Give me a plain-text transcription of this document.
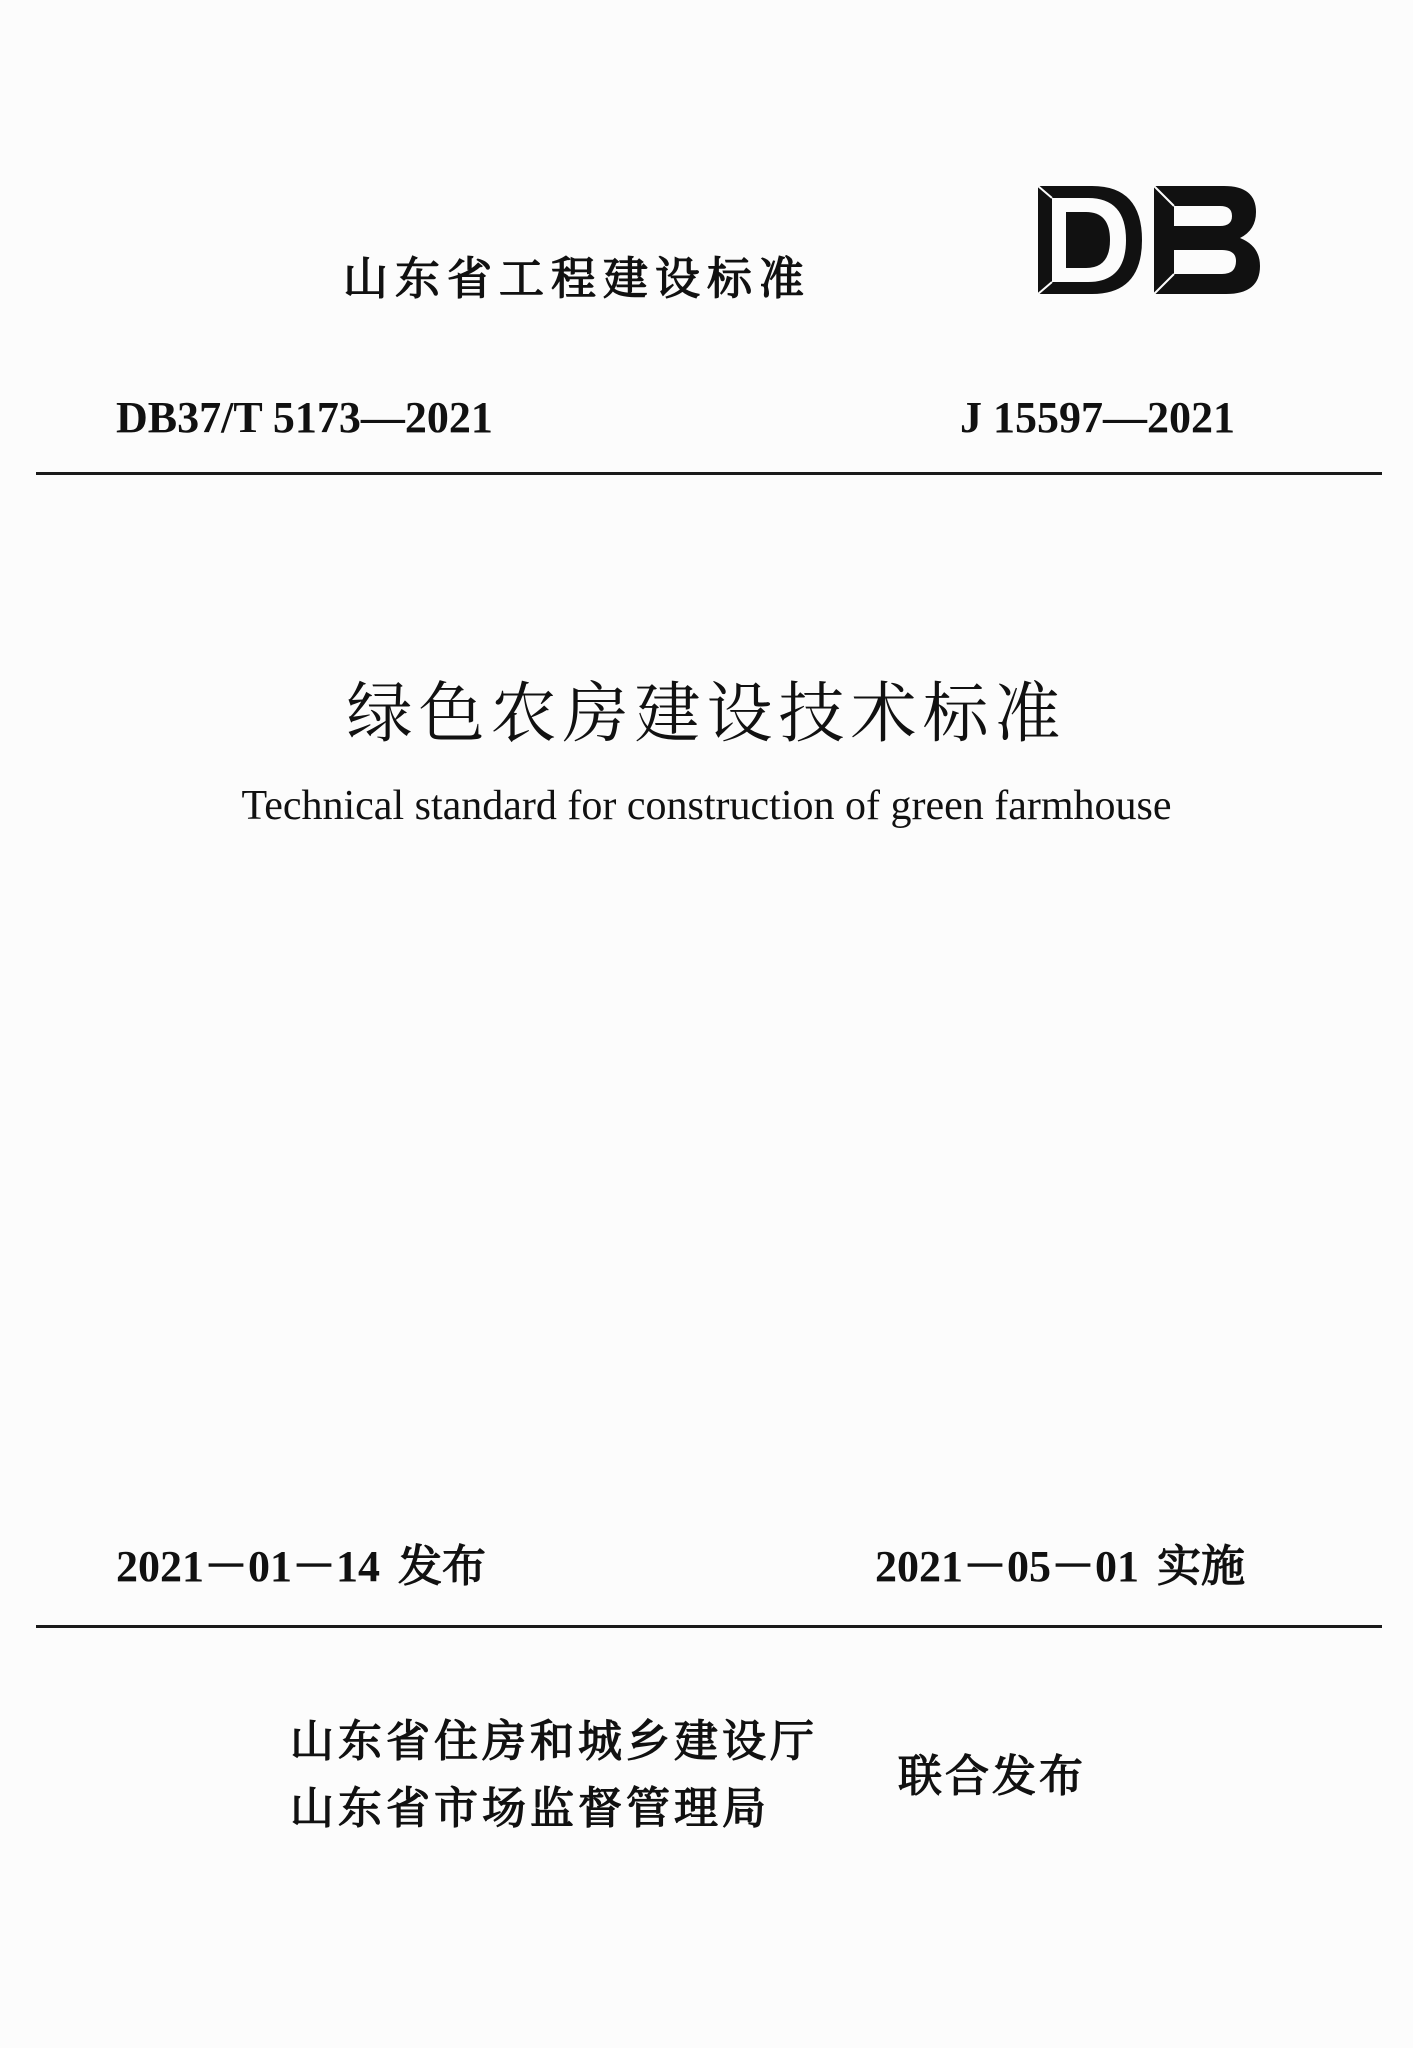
山东省工程建设标准
DB37/T 5173—2021	J 15597—2021
绿色农房建设技术标准
Technical standard for construction of green farmhouse
2021－01－14 发布	2021－05－01 实施
山东省住房和城乡建设厅
山东省市场监督管理局
联合发布
